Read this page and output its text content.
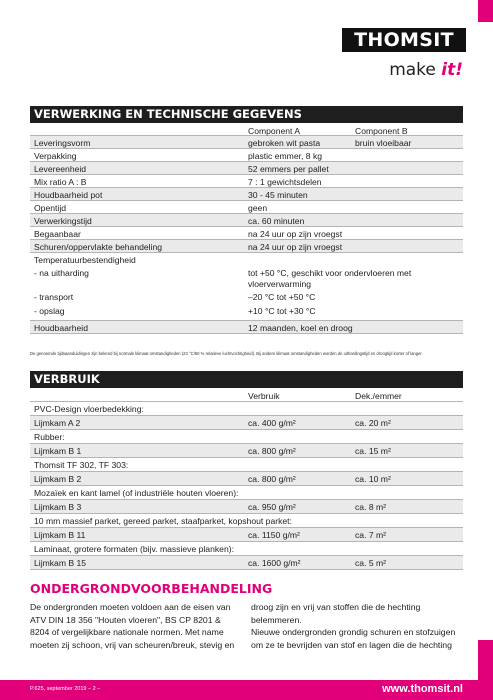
THOMSIT
make it!
VERWERKING EN TECHNISCHE GEGEVENS
Component A	Component B
Leveringsvorm	gebroken wit pasta	bruin vloeibaar
Verpakking	plastic emmer, 8 kg
Levereenheid	52 emmers per pallet
Mix ratio A : B	7 : 1 gewichtsdelen
Houdbaarheid pot	30 - 45 minuten
Opentijd	geen
Verwerkingstijd	ca. 60 minuten
Begaanbaar	na 24 uur op zijn vroegst
Schuren/oppervlakte behandeling	na 24 uur op zijn vroegst
Temperatuurbestendigheid
- na uitharding	tot +50 °C, geschikt voor ondervloeren met
vloerverwarming
- transport	–20 °C tot +50 °C
- opslag	+10 °C tot +30 °C
Houdbaarheid	12 maanden, koel en droog
De genoemde tijdsaanduidingen zijn bekend bij normale klimaat omstandigheden (23 °C/50 % relatieve luchtvochtigheid). Bij andere klimaat omstandigheden worden de uithardingstijd en droogtijd korter of langer.
VERBRUIK
Verbruik	Dek./emmer
PVC-Design vloerbedekking:
Lijmkam A 2	ca. 400 g/m²	ca. 20 m²
Rubber:
Lijmkam B 1	ca. 800 g/m²	ca. 15 m²
Thomsit TF 302, TF 303:
Lijmkam B 2	ca. 800 g/m²	ca. 10 m²
Mozaïek en kant lamel (of industriële houten vloeren):
Lijmkam B 3	ca. 950 g/m²	ca. 8 m²
10 mm massief parket, gereed parket, staafparket, kopshout parket:
Lijmkam B 11	ca. 1150 g/m²	ca. 7 m²
Laminaat, grotere formaten (bijv. massieve planken):
Lijmkam B 15	ca. 1600 g/m²	ca. 5 m²
ONDERGRONDVOORBEHANDELING
De ondergronden moeten voldoen aan de eisen van
ATV DIN 18 356 "Houten vloeren", BS CP 8201 &
8204 of vergelijkbare nationale normen. Met name
moeten zij schoon, vrij van scheuren/breuk, stevig en
droog zijn en vrij van stoffen die de hechting
belemmeren.
Nieuwe ondergronden grondig schuren en stofzuigen
om ze te bevrijden van stof en lagen die de hechting
P.625, september 2019 – 2 –	www.thomsit.nl
